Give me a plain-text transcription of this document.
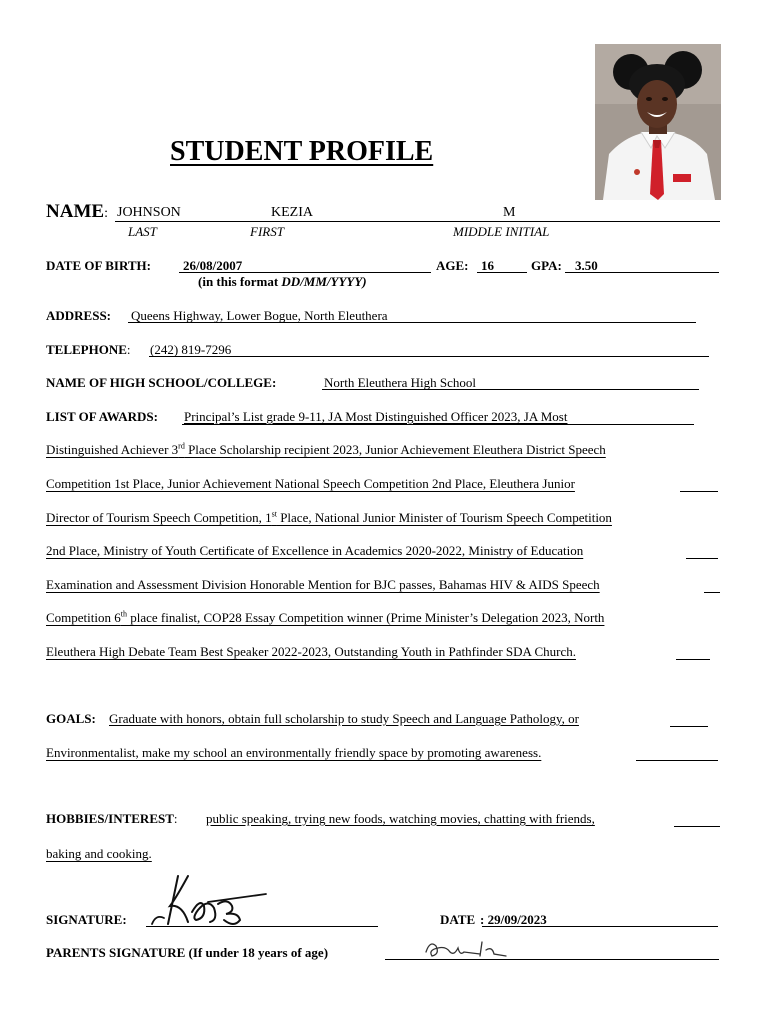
STUDENT PROFILE
NAME: JOHNSON	KEZIA	M
LAST	FIRST	MIDDLE INITIAL
DATE OF BIRTH: 26/08/2007	AGE: 16	GPA: 3.50
(in this format DD/MM/YYYY)
ADDRESS: Queens Highway, Lower Bogue, North Eleuthera
TELEPHONE: (242) 819-7296
NAME OF HIGH SCHOOL/COLLEGE:	North Eleuthera High School
LIST OF AWARDS: Principal’s List grade 9-11, JA Most Distinguished Officer 2023, JA Most
Distinguished Achiever 3rd Place Scholarship recipient 2023, Junior Achievement Eleuthera District Speech
Competition 1st Place, Junior Achievement National Speech Competition 2nd Place, Eleuthera Junior
Director of Tourism Speech Competition, 1st Place, National Junior Minister of Tourism Speech Competition
2nd Place, Ministry of Youth Certificate of Excellence in Academics 2020-2022, Ministry of Education
Examination and Assessment Division Honorable Mention for BJC passes, Bahamas HIV & AIDS Speech
Competition 6th place finalist, COP28 Essay Competition winner (Prime Minister’s Delegation 2023, North
Eleuthera High Debate Team Best Speaker 2022-2023, Outstanding Youth in Pathfinder SDA Church.
GOALS: Graduate with honors, obtain full scholarship to study Speech and Language Pathology, or
Environmentalist, make my school an environmentally friendly space by promoting awareness.
HOBBIES/INTEREST: public speaking, trying new foods, watching movies, chatting with friends,
baking and cooking.
SIGNATURE:	DATE : 29/09/2023
PARENTS SIGNATURE (If under 18 years of age)
